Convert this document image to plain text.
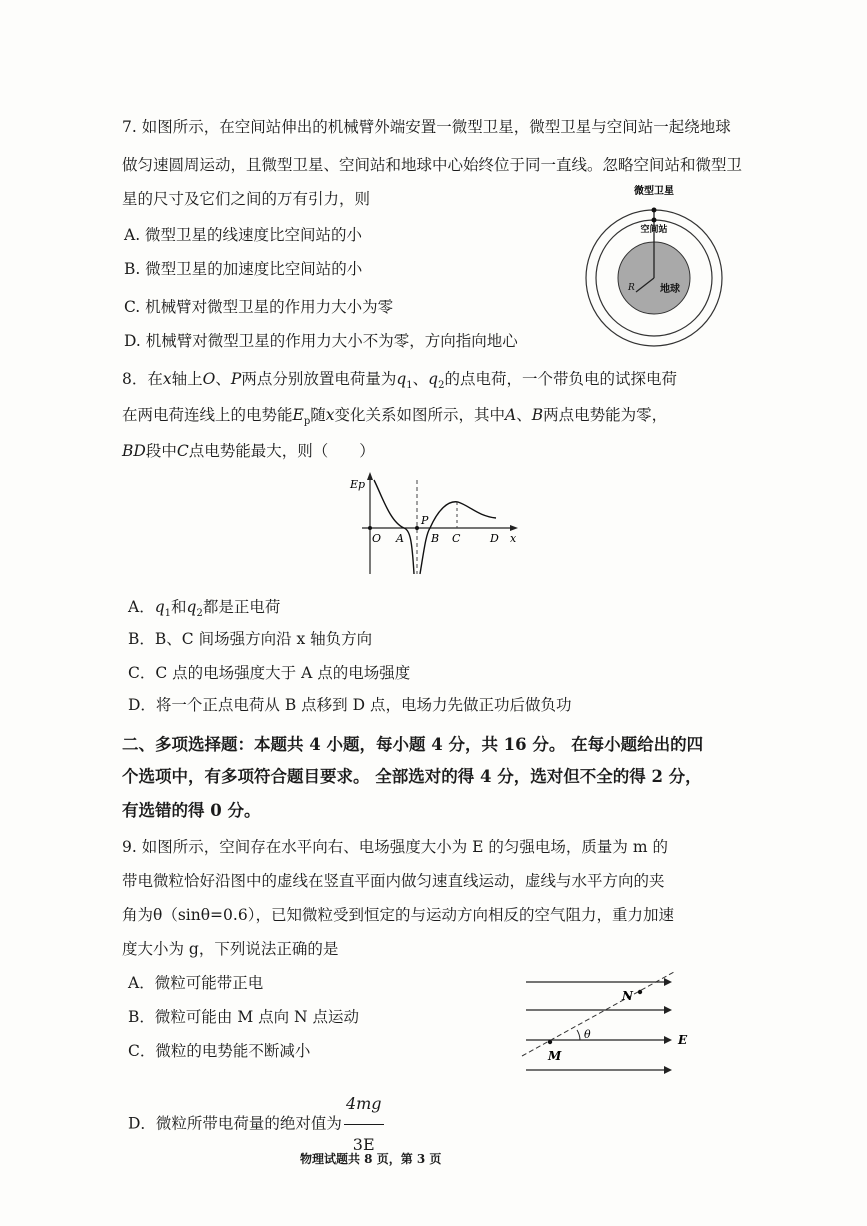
7. 如图所示，在空间站伸出的机械臂外端安置一微型卫星，微型卫星与空间站一起绕地球
做匀速圆周运动，且微型卫星、空间站和地球中心始终位于同一直线。忽略空间站和微型卫
星的尺寸及它们之间的万有引力，则
A. 微型卫星的线速度比空间站的小
B. 微型卫星的加速度比空间站的小
C. 机械臂对微型卫星的作用力大小为零
D. 机械臂对微型卫星的作用力大小不为零，方向指向地心
微型卫星
空间站
地球
R
8．在x轴上O、P两点分别放置电荷量为$q_1$、$q_2$的点电荷，一个带负电的试探电荷
在两电荷连线上的电势能$E_p$随x变化关系如图所示，其中A、B两点电势能为零，
BD段中C点电势能最大，则（　　）
Ep
O A
P
B C	D x
A．$q_1$和$q_2$都是正电荷
B．B、C 间场强方向沿 x 轴负方向
C．C 点的电场强度大于 A 点的电场强度
D．将一个正点电荷从 B 点移到 D 点，电场力先做正功后做负功
二、多项选择题：本题共 4 小题，每小题 4 分，共 16 分。 在每小题给出的四
个选项中，有多项符合题目要求。 全部选对的得 4 分，选对但不全的得 2 分，
有选错的得 0 分。
9. 如图所示，空间存在水平向右、电场强度大小为 E 的匀强电场，质量为 m 的
带电微粒恰好沿图中的虚线在竖直平面内做匀速直线运动，虚线与水平方向的夹
角为θ（sinθ=0.6），已知微粒受到恒定的与运动方向相反的空气阻力，重力加速
度大小为 g，下列说法正确的是
A．微粒可能带正电
B．微粒可能由 M 点向 N 点运动
C．微粒的电势能不断减小
D．微粒所带电荷量的绝对值为 $\frac{4mg}{3E}$
N
M
θ	E
物理试题共 8 页，第 3 页
